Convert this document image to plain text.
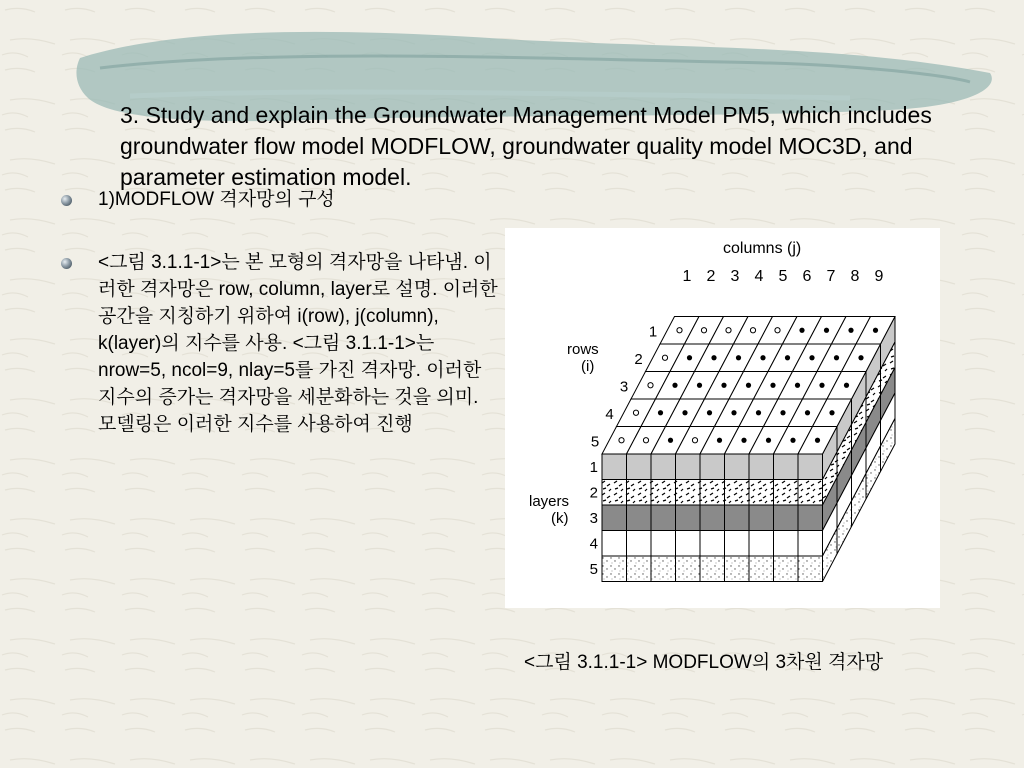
3. Study and explain the Groundwater Management Model PM5, which includes groundwater flow model MODFLOW, groundwater quality model MOC3D, and parameter estimation model.
1)MODFLOW 격자망의 구성
<그림 3.1.1-1>는 본 모형의 격자망을 나타냄. 이러한 격자망은 row, column, layer로 설명. 이러한 공간을 지칭하기 위하여 i(row), j(column), k(layer)의 지수를 사용. <그림 3.1.1-1>는 nrow=5, ncol=9, nlay=5를 가진 격자망. 이러한 지수의 증가는 격자망을 세분화하는 것을 의미. 모델링은 이러한 지수를 사용하여 진행
columns (j)
rows
(i)
layers
(k)
1 2 3 4 5 6 7 8 9
1
2
3
4
5
1
2
3
4
5
<그림 3.1.1-1> MODFLOW의 3차원 격자망
